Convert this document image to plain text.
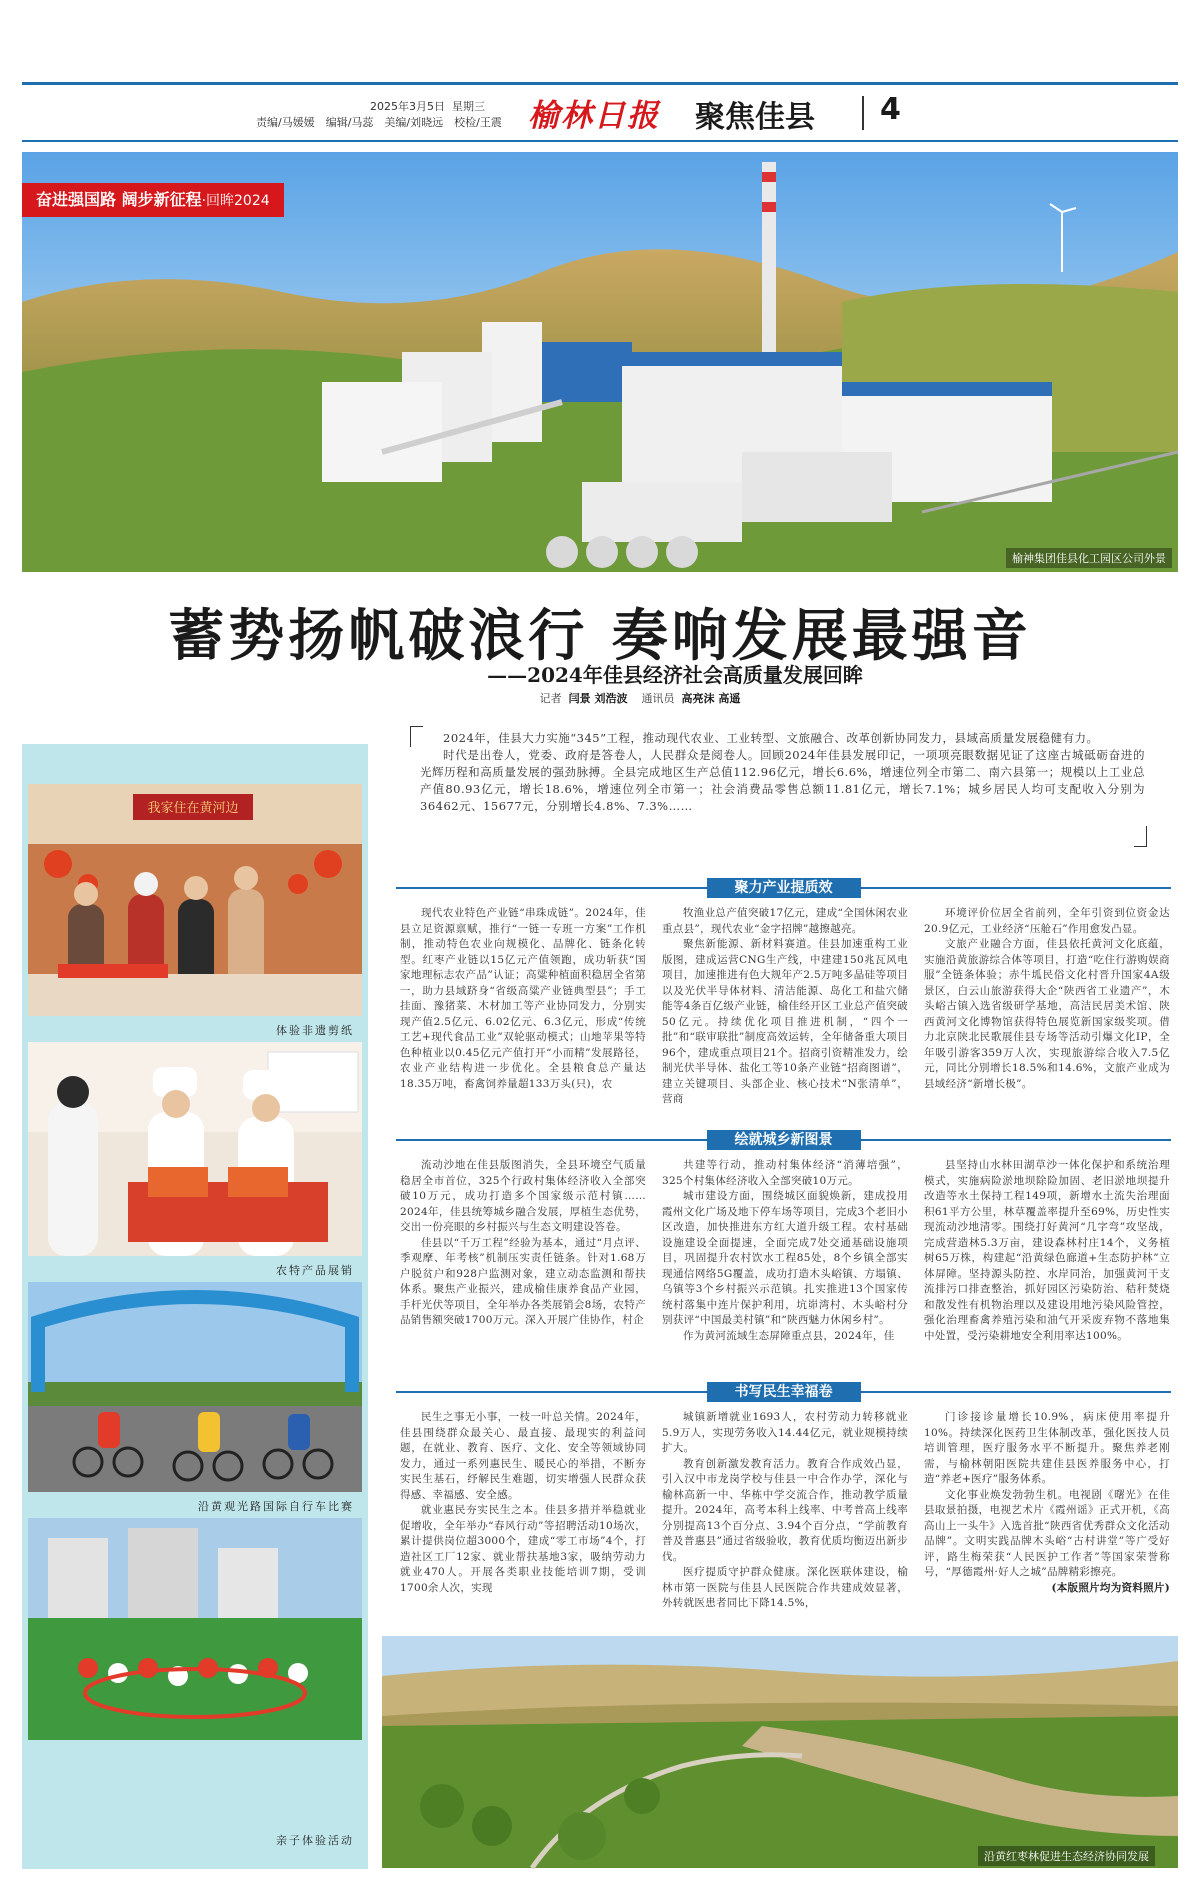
2025年3月5日 星期三
责编/马媛媛　编辑/马蕊　美编/刘晓远　校检/王震 榆林日报 聚焦佳县 4
奋进强国路 阔步新征程·回眸2024
榆神集团佳县化工园区公司外景
蓄势扬帆破浪行 奏响发展最强音
——2024年佳县经济社会高质量发展回眸
记者 闫景 刘浩波 通讯员 高亮沫 高遥
我家住在黄河边
体验非遗剪纸
农特产品展销
沿黄观光路国际自行车比赛
亲子体验活动

2024年，佳县大力实施“345”工程，推动现代农业、工业转型、文旅融合、改革创新协同发力，县域高质量发展稳健有力。

时代是出卷人，党委、政府是答卷人，人民群众是阅卷人。回顾2024年佳县发展印记，一项项亮眼数据见证了这座古城砥砺奋进的光辉历程和高质量发展的强劲脉搏。全县完成地区生产总值112.96亿元，增长6.6%，增速位列全市第二、南六县第一；规模以上工业总产值80.93亿元，增长18.6%，增速位列全市第一；社会消费品零售总额11.81亿元，增长7.1%；城乡居民人均可支配收入分别为36462元、15677元，分别增长4.8%、7.3%……

聚力产业提质效

现代农业特色产业链“串珠成链”。2024年，佳县立足资源禀赋，推行“一链一专班一方案”工作机制，推动特色农业向规模化、品牌化、链条化转型。红枣产业链以15亿元产值领跑，成功斩获“国家地理标志农产品”认证；高粱种植面积稳居全省第一，助力县域跻身“省级高粱产业链典型县”；手工挂面、豫猪菜、木材加工等产业协同发力，分别实现产值2.5亿元、6.02亿元、6.3亿元，形成“传统工艺+现代食品工业”双轮驱动模式；山地苹果等特色种植业以0.45亿元产值打开“小而精”发展路径，农业产业结构进一步优化。全县粮食总产量达18.35万吨，畜禽饲养量超133万头(只)，农

牧渔业总产值突破17亿元，建成“全国休闲农业重点县”，现代农业“金字招牌”越擦越亮。

聚焦新能源、新材料赛道。佳县加速重构工业版图，建成运营CNG生产线，中建建150兆瓦风电项目，加速推进有色大规年产2.5万吨多晶硅等项目以及光伏半导体材料、清洁能源、岛化工和盐穴储能等4条百亿级产业链，榆佳经开区工业总产值突破50亿元。持续优化项目推进机制，“四个一批”和“联审联批”制度高效运转，全年储备重大项目96个，建成重点项目21个。招商引资精准发力，绘制光伏半导体、盐化工等10条产业链“招商图谱”，建立关键项目、头部企业、核心技术“N张清单”，营商

环境评价位居全省前列，全年引资到位资金达20.9亿元，工业经济“压舱石”作用愈发凸显。

文旅产业融合方面，佳县依托黄河文化底蕴，实施沿黄旅游综合体等项目，打造“吃住行游购娱商服”全链条体验；赤牛坬民俗文化村晋升国家4A级景区，白云山旅游获得大企“陕西省工业遗产”，木头峪古镇入选省级研学基地，高洁民居美术馆、陕西黄河文化博物馆获得特色展览新国家级奖项。借力北京陕北民歌展佳县专场等活动引爆文化IP，全年吸引游客359万人次，实现旅游综合收入7.5亿元，同比分别增长18.5%和14.6%，文旅产业成为县域经济“新增长极”。

绘就城乡新图景

流动沙地在佳县版图消失，全县环境空气质量稳居全市首位，325个行政村集体经济收入全部突破10万元，成功打造多个国家级示范村镇……2024年，佳县统筹城乡融合发展，厚植生态优势，交出一份亮眼的乡村振兴与生态文明建设答卷。

佳县以“千万工程”经验为基本，通过“月点评、季观摩、年考核”机制压实责任链条。针对1.68万户脱贫户和928户监测对象，建立动态监测和帮扶体系。聚焦产业振兴，建成榆佳康养食品产业园，手杆光伏等项目，全年举办各类展销会8场，农特产品销售额突破1700万元。深入开展广佳协作，村企

共建等行动，推动村集体经济“消薄培强”，325个村集体经济收入全部突破10万元。

城市建设方面，围绕城区面貌焕新，建成投用霞州文化广场及地下停车场等项目，完成3个老旧小区改造，加快推进东方红大道升级工程。农村基础设施建设全面提速，全面完成7处交通基础设施项目，巩固提升农村饮水工程85处，8个乡镇全部实现通信网络5G覆盖，成功打造木头峪镇、方塌镇、乌镇等3个乡村振兴示范镇。扎实推进13个国家传统村落集中连片保护利用，坑峁湾村、木头峪村分别获评“中国最美村镇”和“陕西魅力休闲乡村”。

作为黄河流域生态屏障重点县，2024年，佳

县坚持山水林田湖草沙一体化保护和系统治理模式，实施病险淤地坝除险加固、老旧淤地坝提升改造等水土保持工程149项，新增水土流失治理面积61平方公里，林草覆盖率提升至69%，历史性实现流动沙地清零。围绕打好黄河“几字弯”攻坚战，完成营造林5.3万亩，建设森林村庄14个，义务植树65万株，构建起“沿黄绿色廊道+生态防护林”立体屏障。坚持源头防控、水岸同治，加强黄河干支流排污口排查整治，抓好园区污染防治、秸秆焚烧和散发性有机物治理以及建设用地污染风险管控，强化治理畜禽养殖污染和油气开采废弃物不落地集中处置，受污染耕地安全利用率达100%。

书写民生幸福卷

民生之事无小事，一枝一叶总关情。2024年，佳县围绕群众最关心、最直接、最现实的利益问题，在就业、教育、医疗、文化、安全等领域协同发力，通过一系列惠民生、暖民心的举措，不断夯实民生基石，纾解民生难题，切实增强人民群众获得感、幸福感、安全感。

就业惠民夯实民生之本。佳县多措并举稳就业促增收，全年举办“春风行动”等招聘活动10场次，累计提供岗位超3000个，建成“零工市场”4个，打造社区工厂12家、就业帮扶基地3家，吸纳劳动力就业470人。开展各类职业技能培训7期，受训1700余人次，实现

城镇新增就业1693人，农村劳动力转移就业5.9万人，实现劳务收入14.44亿元，就业规模持续扩大。

教育创新激发教育活力。教育合作成效凸显，引入汉中市龙岗学校与佳县一中合作办学，深化与榆林高新一中、华栋中学交流合作，推动教学质量提升。2024年，高考本科上线率、中考普高上线率分别提高13个百分点、3.94个百分点，“学前教育普及普惠县”通过省级验收，教育优质均衡迈出新步伐。

医疗提质守护群众健康。深化医联体建设，榆林市第一医院与佳县人民医院合作共建成效显著，外转就医患者同比下降14.5%，

门诊接诊量增长10.9%，病床使用率提升10%。持续深化医药卫生体制改革，强化医技人员培训管理，医疗服务水平不断提升。聚焦养老刚需，与榆林朝阳医院共建佳县医养服务中心，打造“养老+医疗”服务体系。

文化事业焕发勃勃生机。电视剧《曙光》在佳县取景拍摄，电视艺术片《霞州谣》正式开机，《高高山上一头牛》入选首批“陕西省优秀群众文化活动品牌”。文明实践品牌木头峪“古村讲堂”等广受好评，路生梅荣获“人民医护工作者”等国家荣誉称号，“厚德霞州·好人之城”品牌精彩擦亮。

(本版照片均为资料照片)

沿黄红枣林促进生态经济协同发展
